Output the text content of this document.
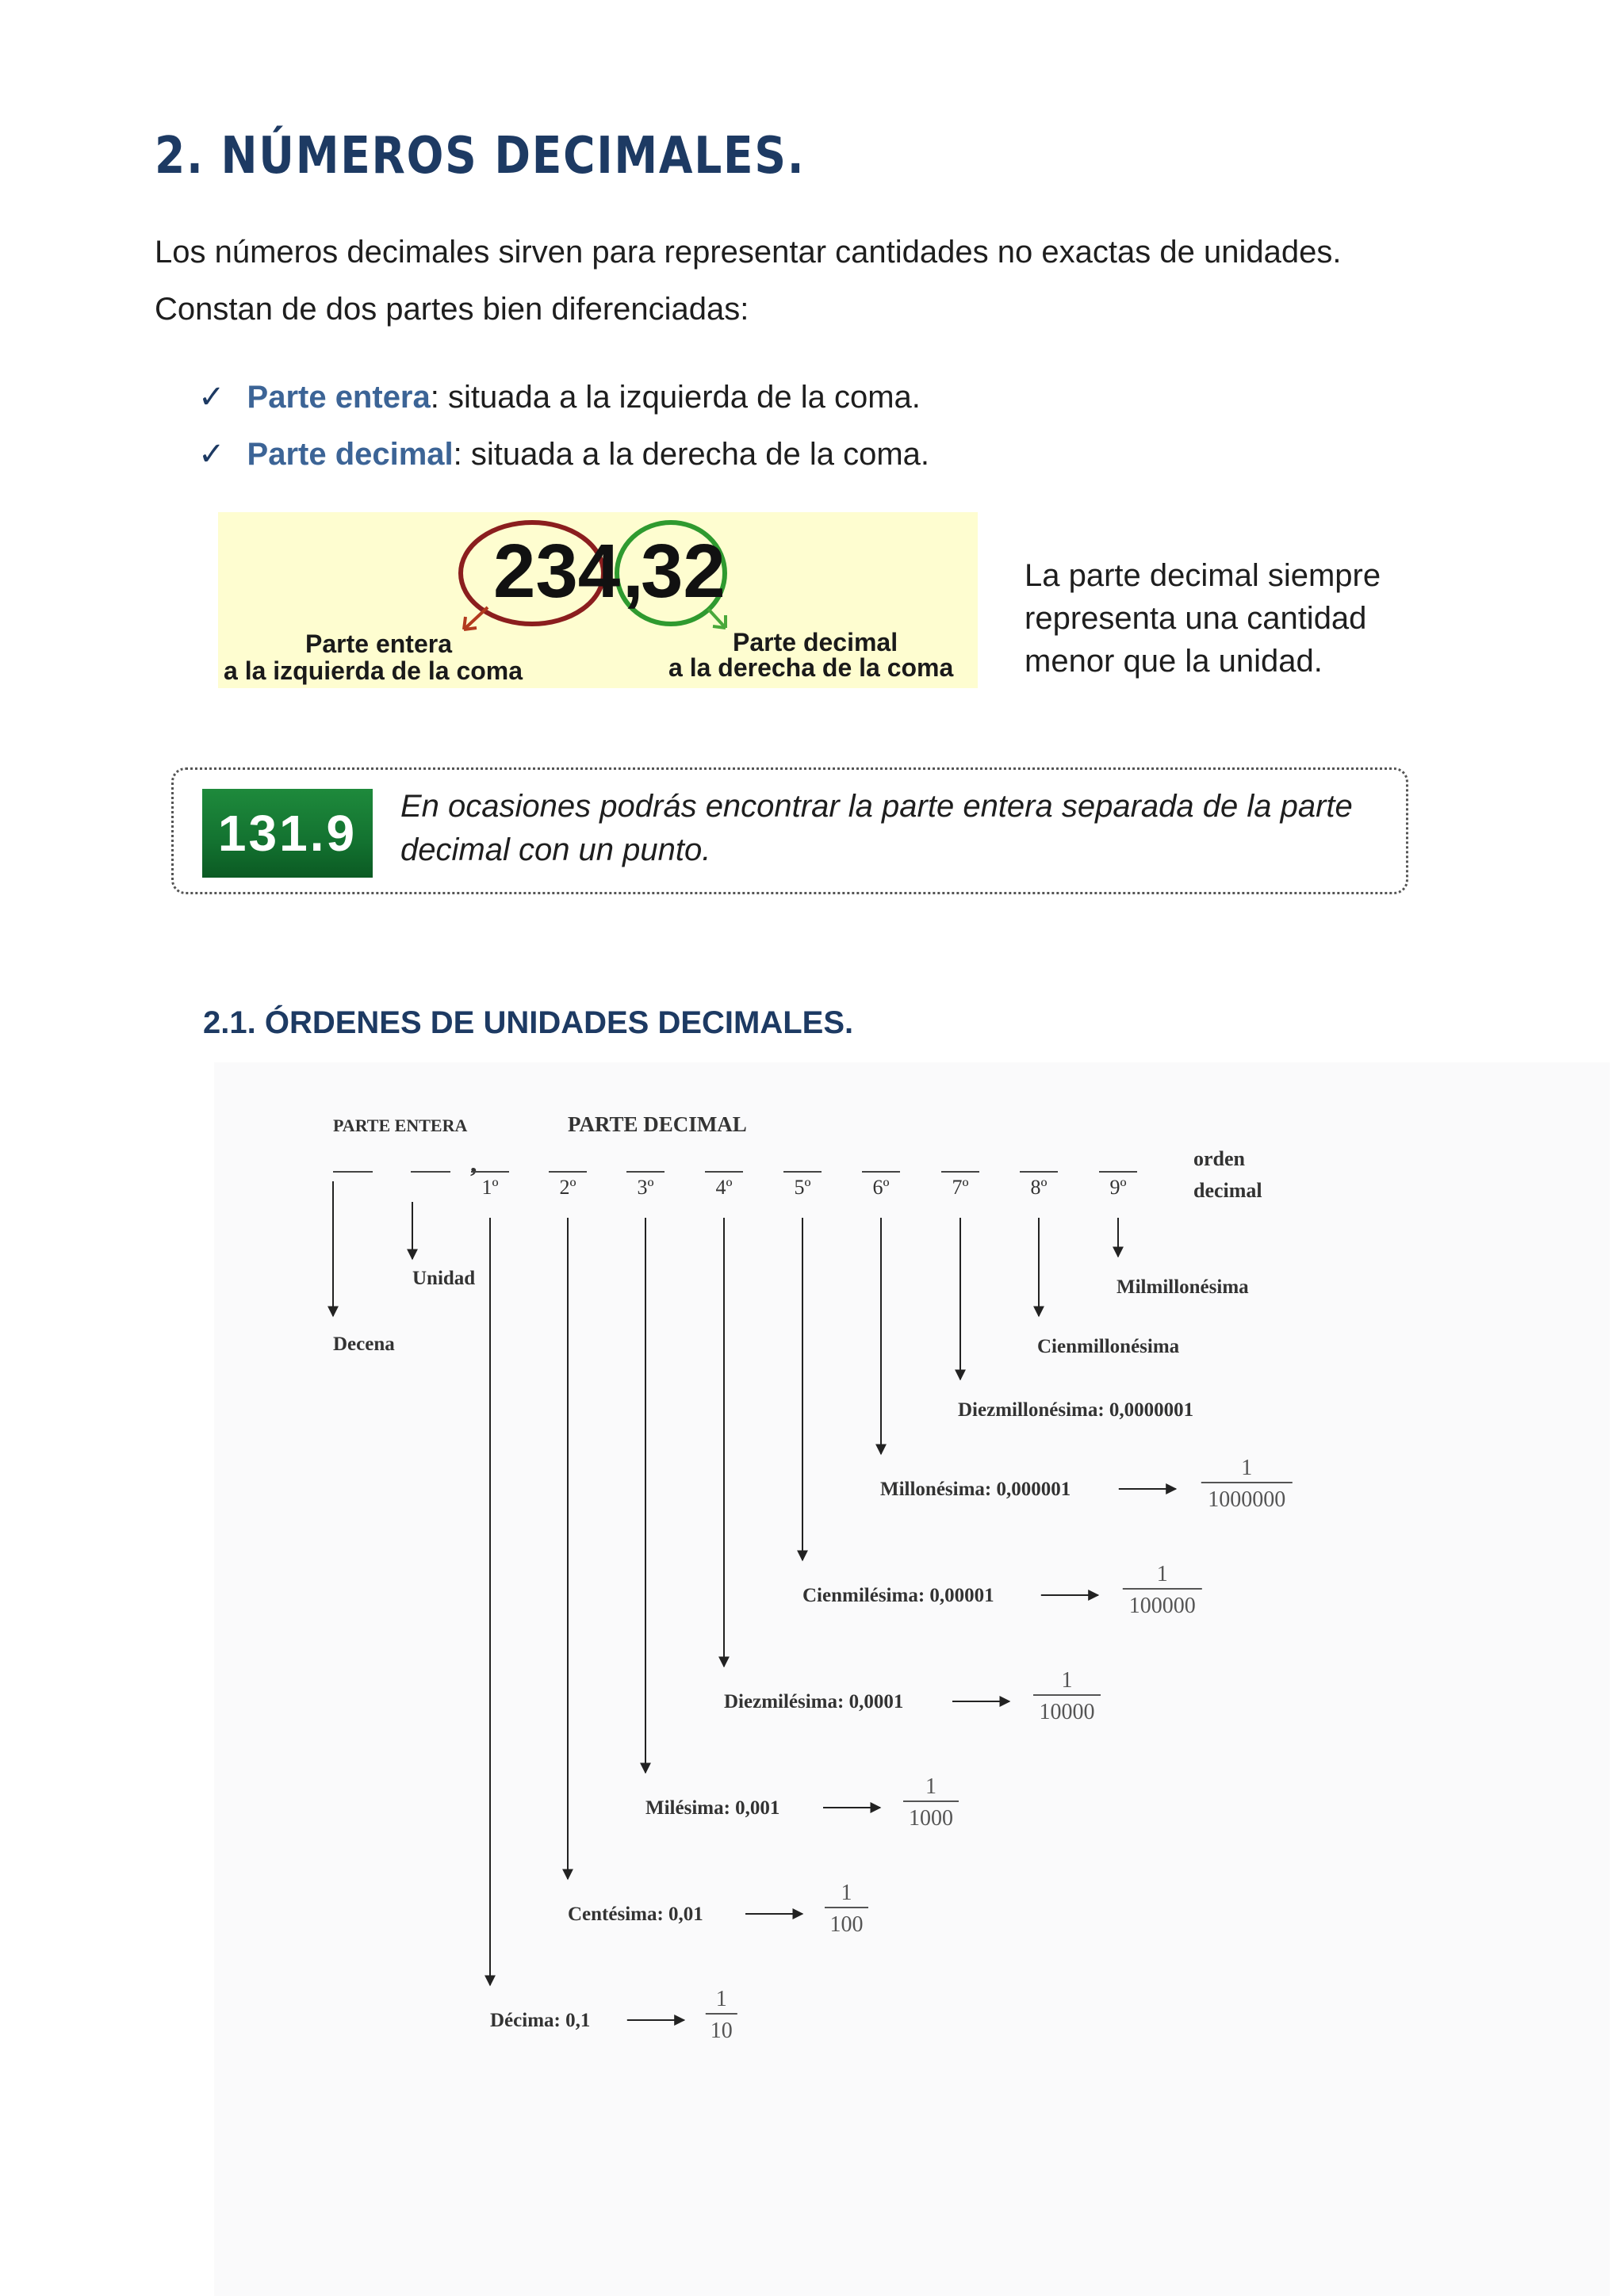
2. NÚMEROS DECIMALES.
Los números decimales sirven para representar cantidades no exactas de unidades.
Constan de dos partes bien diferenciadas:
✓ Parte entera: situada a la izquierda de la coma.
✓ Parte decimal: situada a la derecha de la coma.
234 ,
32
Parte entera
a la izquierda de la coma
Parte decimal
a la derecha de la coma
La parte decimal siempre
representa una cantidad
menor que la unidad.
131.9	En ocasiones podrás encontrar la parte entera separada de la parte
decimal con un punto.
2.1. ÓRDENES DE UNIDADES DECIMALES.
PARTE ENTERA	PARTE DECIMAL
orden
decimal
,
1º	2º	3º	4º	5º	6º	7º	8º	9º
Unidad
Decena
Décima: 0,1
1
10
Centésima: 0,01
1
100
Milésima: 0,001
1
1000
Diezmilésima: 0,0001
1
10000
Cienmilésima: 0,00001
1
100000
Millonésima: 0,000001
1
1000000
Diezmillonésima: 0,0000001
Cienmillonésima
Milmillonésima
